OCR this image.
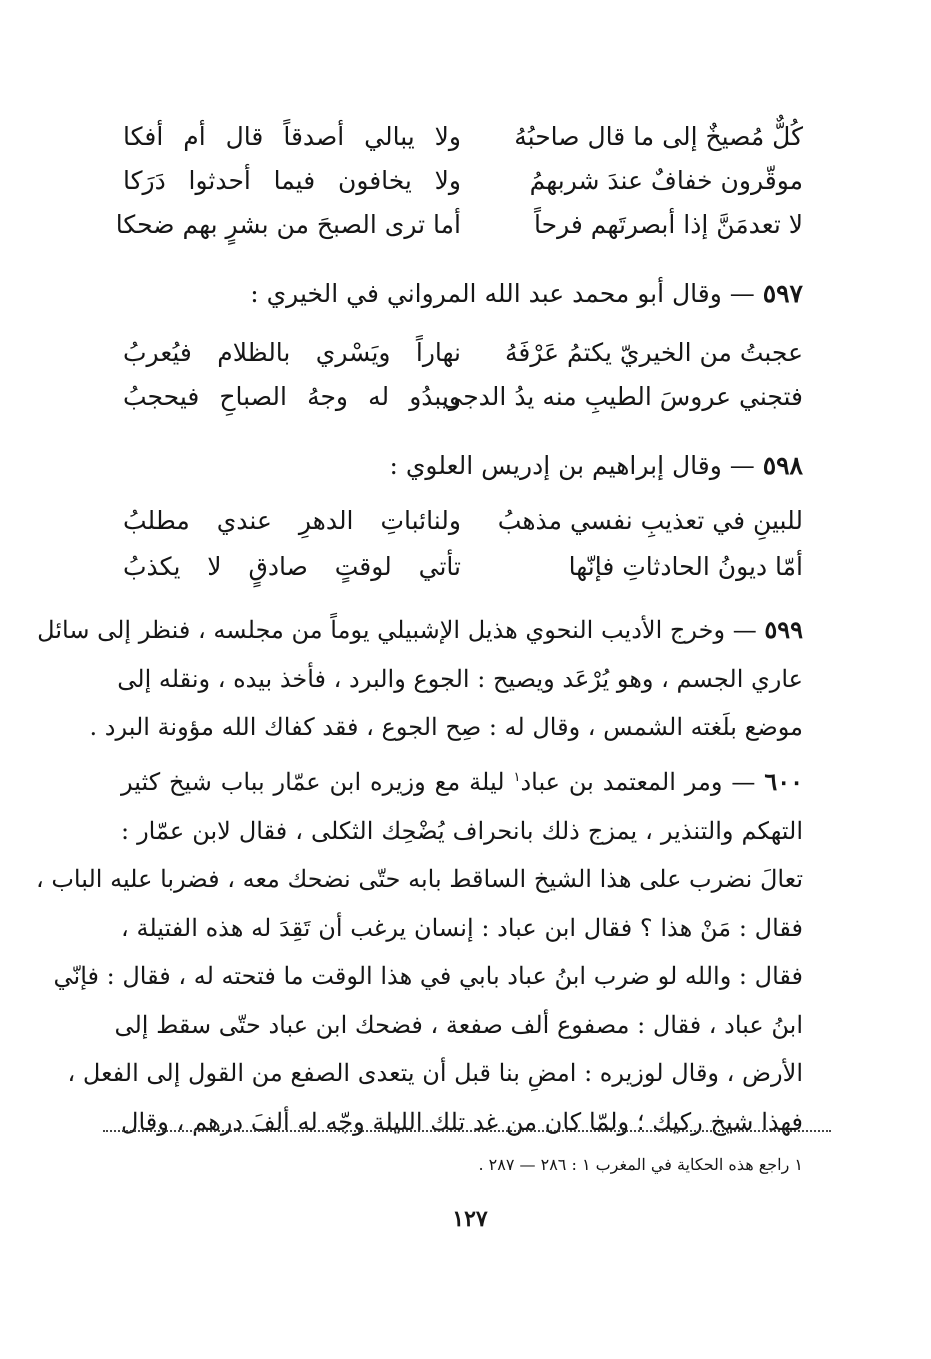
كُلٌّ مُصيخٌ إلى ما قال صاحبُهُ
ولا يبالي أصدقاً قال أم أفكا
موقّرون خفافٌ عندَ شربهمُ
ولا يخافون فيما أحدثوا دَرَكا
لا تعدمَنَّ إذا أبصرتَهم فرحاً
أما ترى الصبحَ من بشرٍ بهم ضحكا
٥٩٧ — وقال أبو محمد عبد الله المرواني في الخيري :
عجبتُ من الخيريّ يكتمُ عَرْفَهُ
نهاراً ويَسْري بالظلام فيُعربُ
فتجني عروسَ الطيبِ منه يدُ الدجى
ويبدُو له وجهُ الصباحِ فيحجبُ
٥٩٨ — وقال إبراهيم بن إدريس العلوي :
للبينِ في تعذيبِ نفسي مذهبُ
ولنائباتِ الدهرِ عندي مطلبُ
أمّا ديونُ الحادثاتِ فإنّها
تأتي لوقتٍ صادقٍ لا يكذبُ
٥٩٩ — وخرج الأديب النحوي هذيل الإشبيلي يوماً من مجلسه ، فنظر إلى سائل
عاري الجسم ، وهو يُرْعَد ويصيح : الجوع والبرد ، فأخذ بيده ، ونقله إلى
موضع بلَغته الشمس ، وقال له : صِح الجوع ، فقد كفاك الله مؤونة البرد .
٦٠٠ — ومر المعتمد بن عباد$^١$ ليلة مع وزيره ابن عمّار بباب شيخ كثير
التهكم والتنذير ، يمزج ذلك بانحراف يُضْحِك الثكلى ، فقال لابن عمّار :
تعالَ نضرب على هذا الشيخ الساقط بابه حتّى نضحك معه ، فضربا عليه الباب ،
فقال : مَنْ هذا ؟ فقال ابن عباد : إنسان يرغب أن تَقِدَ له هذه الفتيلة ،
فقال : والله لو ضرب ابنُ عباد بابي في هذا الوقت ما فتحته له ، فقال : فإنّي
ابنُ عباد ، فقال : مصفوع ألف صفعة ، فضحك ابن عباد حتّى سقط إلى
الأرض ، وقال لوزيره : امضِ بنا قبل أن يتعدى الصفع من القول إلى الفعل ،
فهذا شيخ ركيك ؛ ولمّا كان من غد تلك الليلة وجّه له ألفَ درهم ، وقال
١ راجع هذه الحكاية في المغرب ١ : ٢٨٦ — ٢٨٧ .
١٢٧
